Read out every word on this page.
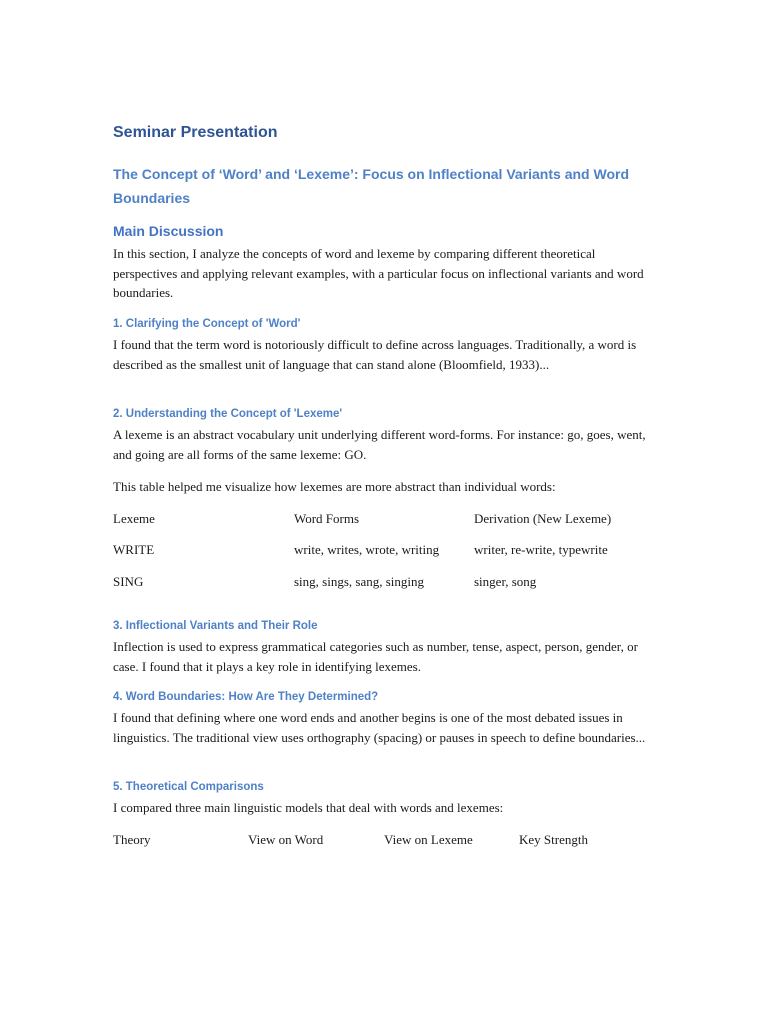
Seminar Presentation
The Concept of ‘Word’ and ‘Lexeme’: Focus on Inflectional Variants and Word Boundaries
Main Discussion

In this section, I analyze the concepts of word and lexeme by comparing different theoretical perspectives and applying relevant examples, with a particular focus on inflectional variants and word boundaries.

1. Clarifying the Concept of 'Word'

I found that the term word is notoriously difficult to define across languages. Traditionally, a word is described as the smallest unit of language that can stand alone (Bloomfield, 1933)...

2. Understanding the Concept of 'Lexeme'

A lexeme is an abstract vocabulary unit underlying different word-forms. For instance: go, goes, went, and going are all forms of the same lexeme: GO.

This table helped me visualize how lexemes are more abstract than individual words:

Lexeme	Word Forms	Derivation (New Lexeme)
WRITE	write, writes, wrote, writing	writer, re-write, typewrite
SING	sing, sings, sang, singing	singer, song
3. Inflectional Variants and Their Role

Inflection is used to express grammatical categories such as number, tense, aspect, person, gender, or case. I found that it plays a key role in identifying lexemes.

4. Word Boundaries: How Are They Determined?

I found that defining where one word ends and another begins is one of the most debated issues in linguistics. The traditional view uses orthography (spacing) or pauses in speech to define boundaries...

5. Theoretical Comparisons

I compared three main linguistic models that deal with words and lexemes:

Theory	View on Word	View on Lexeme	Key Strength
